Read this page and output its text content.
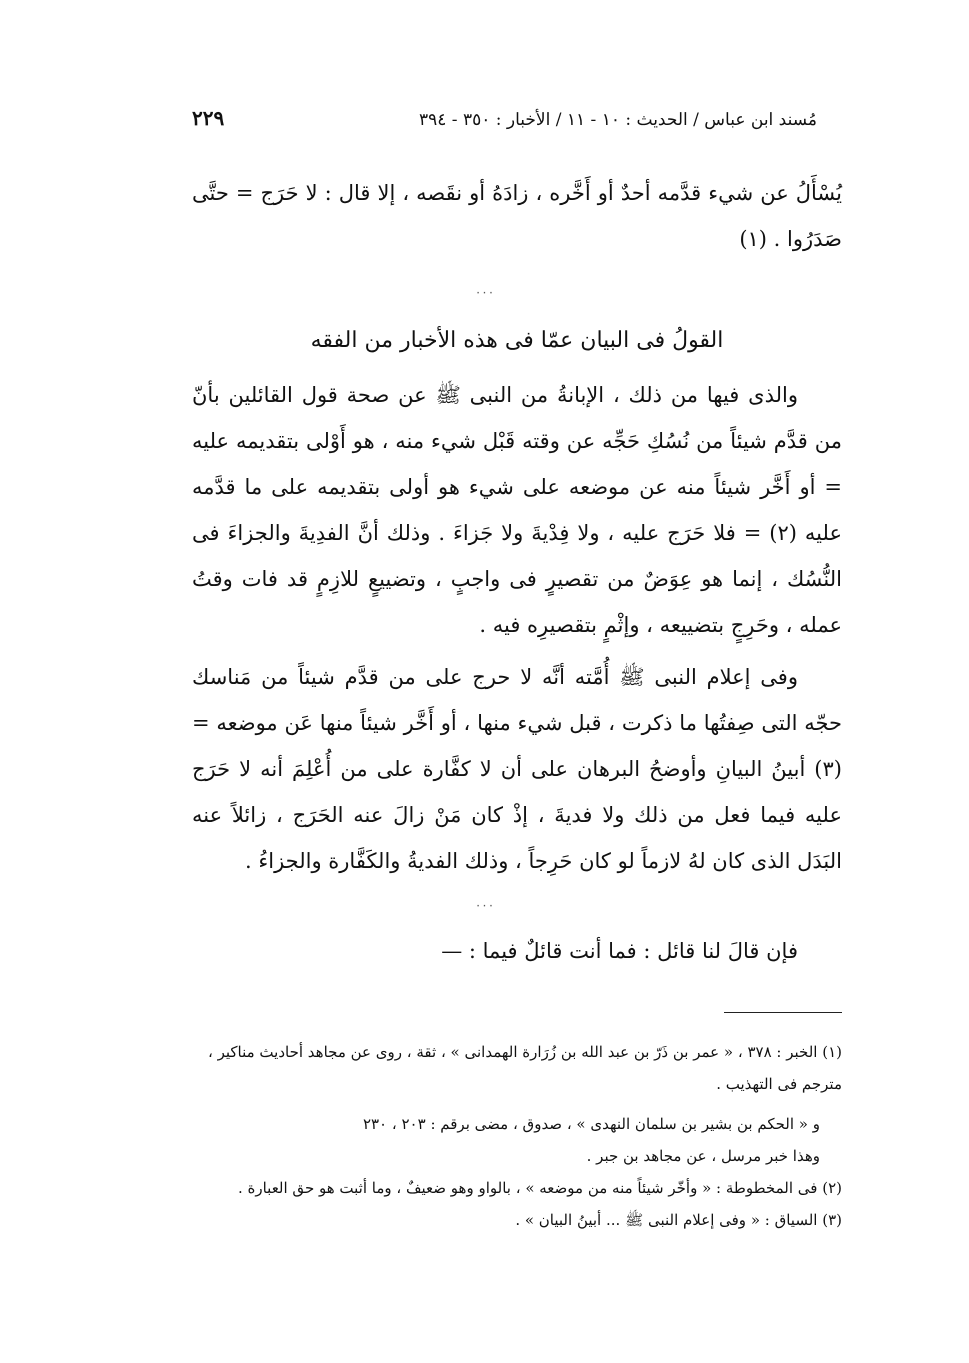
مُسند ابن عباس / الحديث : ١٠ - ١١ / الأخبار : ٣٥٠ - ٣٩٤
٢٢٩

يُسْأَلُ عن شيء قدَّمه أحدٌ أو أَخَّره ، زادَهُ أو نقَصه ، إلا قال : لا حَرَج = حتَّى صَدَرُوا . (١)

٠٠٠
القولُ فى البيان عمّا فى هذه الأخبار من الفقه

والذى فيها من ذلك ، الإبانةُ من النبى ﷺ عن صحة قول القائلين بأنّ من قدَّم شيئاً من نُسُكِ حَجِّه عن وقته قَبْل شيء منه ، هو أَوْلى بتقديمه عليه = أو أَخَّر شيئاً منه عن موضعه على شيء هو أولى بتقديمه على ما قدَّمه عليه (٢) = فلا حَرَج عليه ، ولا فِدْيةَ ولا جَزاءَ . وذلك أنَّ الفدِيةَ والجزاءَ فى النُّسُك ، إنما هو عِوَضٌ من تقصيرٍ فى واجبٍ ، وتضييعٍ للازِمٍ قد فات وقتُ عمله ، وحَرِجٍ بتضييعه ، وإثْمٍ بتقصيرِه فيه .

وفى إعلام النبى ﷺ أُمَّته أنَّه لا حرج على من قدَّم شيئاً من مَناسك حجّه التى صِفتُها ما ذكرت ، قبل شيء منها ، أو أَخَّر شيئاً منها عَن موضعه = (٣) أبينُ البيانِ وأوضحُ البرهان على أن لا كفَّارة على من أُعْلِمَ أنه لا حَرَج عليه فيما فعل من ذلك ولا فديةَ ، إذْ كان مَنْ زالَ عنه الحَرَج ، زائلاً عنه البَدَل الذى كان لهُ لازماً لو كان حَرِجاً ، وذلك الفديةُ والكَفَّارة والجزاءُ .

٠٠٠

فإن قالَ لنا قائل : فما أنت قائلٌ فيما : —

(١) الخبر : ٣٧٨ ، « عمر بن ذَرّ بن عبد الله بن زُرَارة الهمدانى » ، ثقة ، روى عن مجاهد أحاديث مناكير ، مترجم فى التهذيب .

و « الحكم بن بشير بن سلمان النهدى » ، صدوق ، مضى برقم : ٢٠٣ ، ٢٣٠

وهذا خبر مرسل ، عن مجاهد بن جبر .

(٢) فى المخطوطة : « وأخّر شيئاً منه من موضعه » ، بالواو وهو ضعيفٌ ، وما أثبت هو حق العبارة .

(٣) السياق : « وفى إعلام النبى ﷺ ... أبينُ البيان » .
